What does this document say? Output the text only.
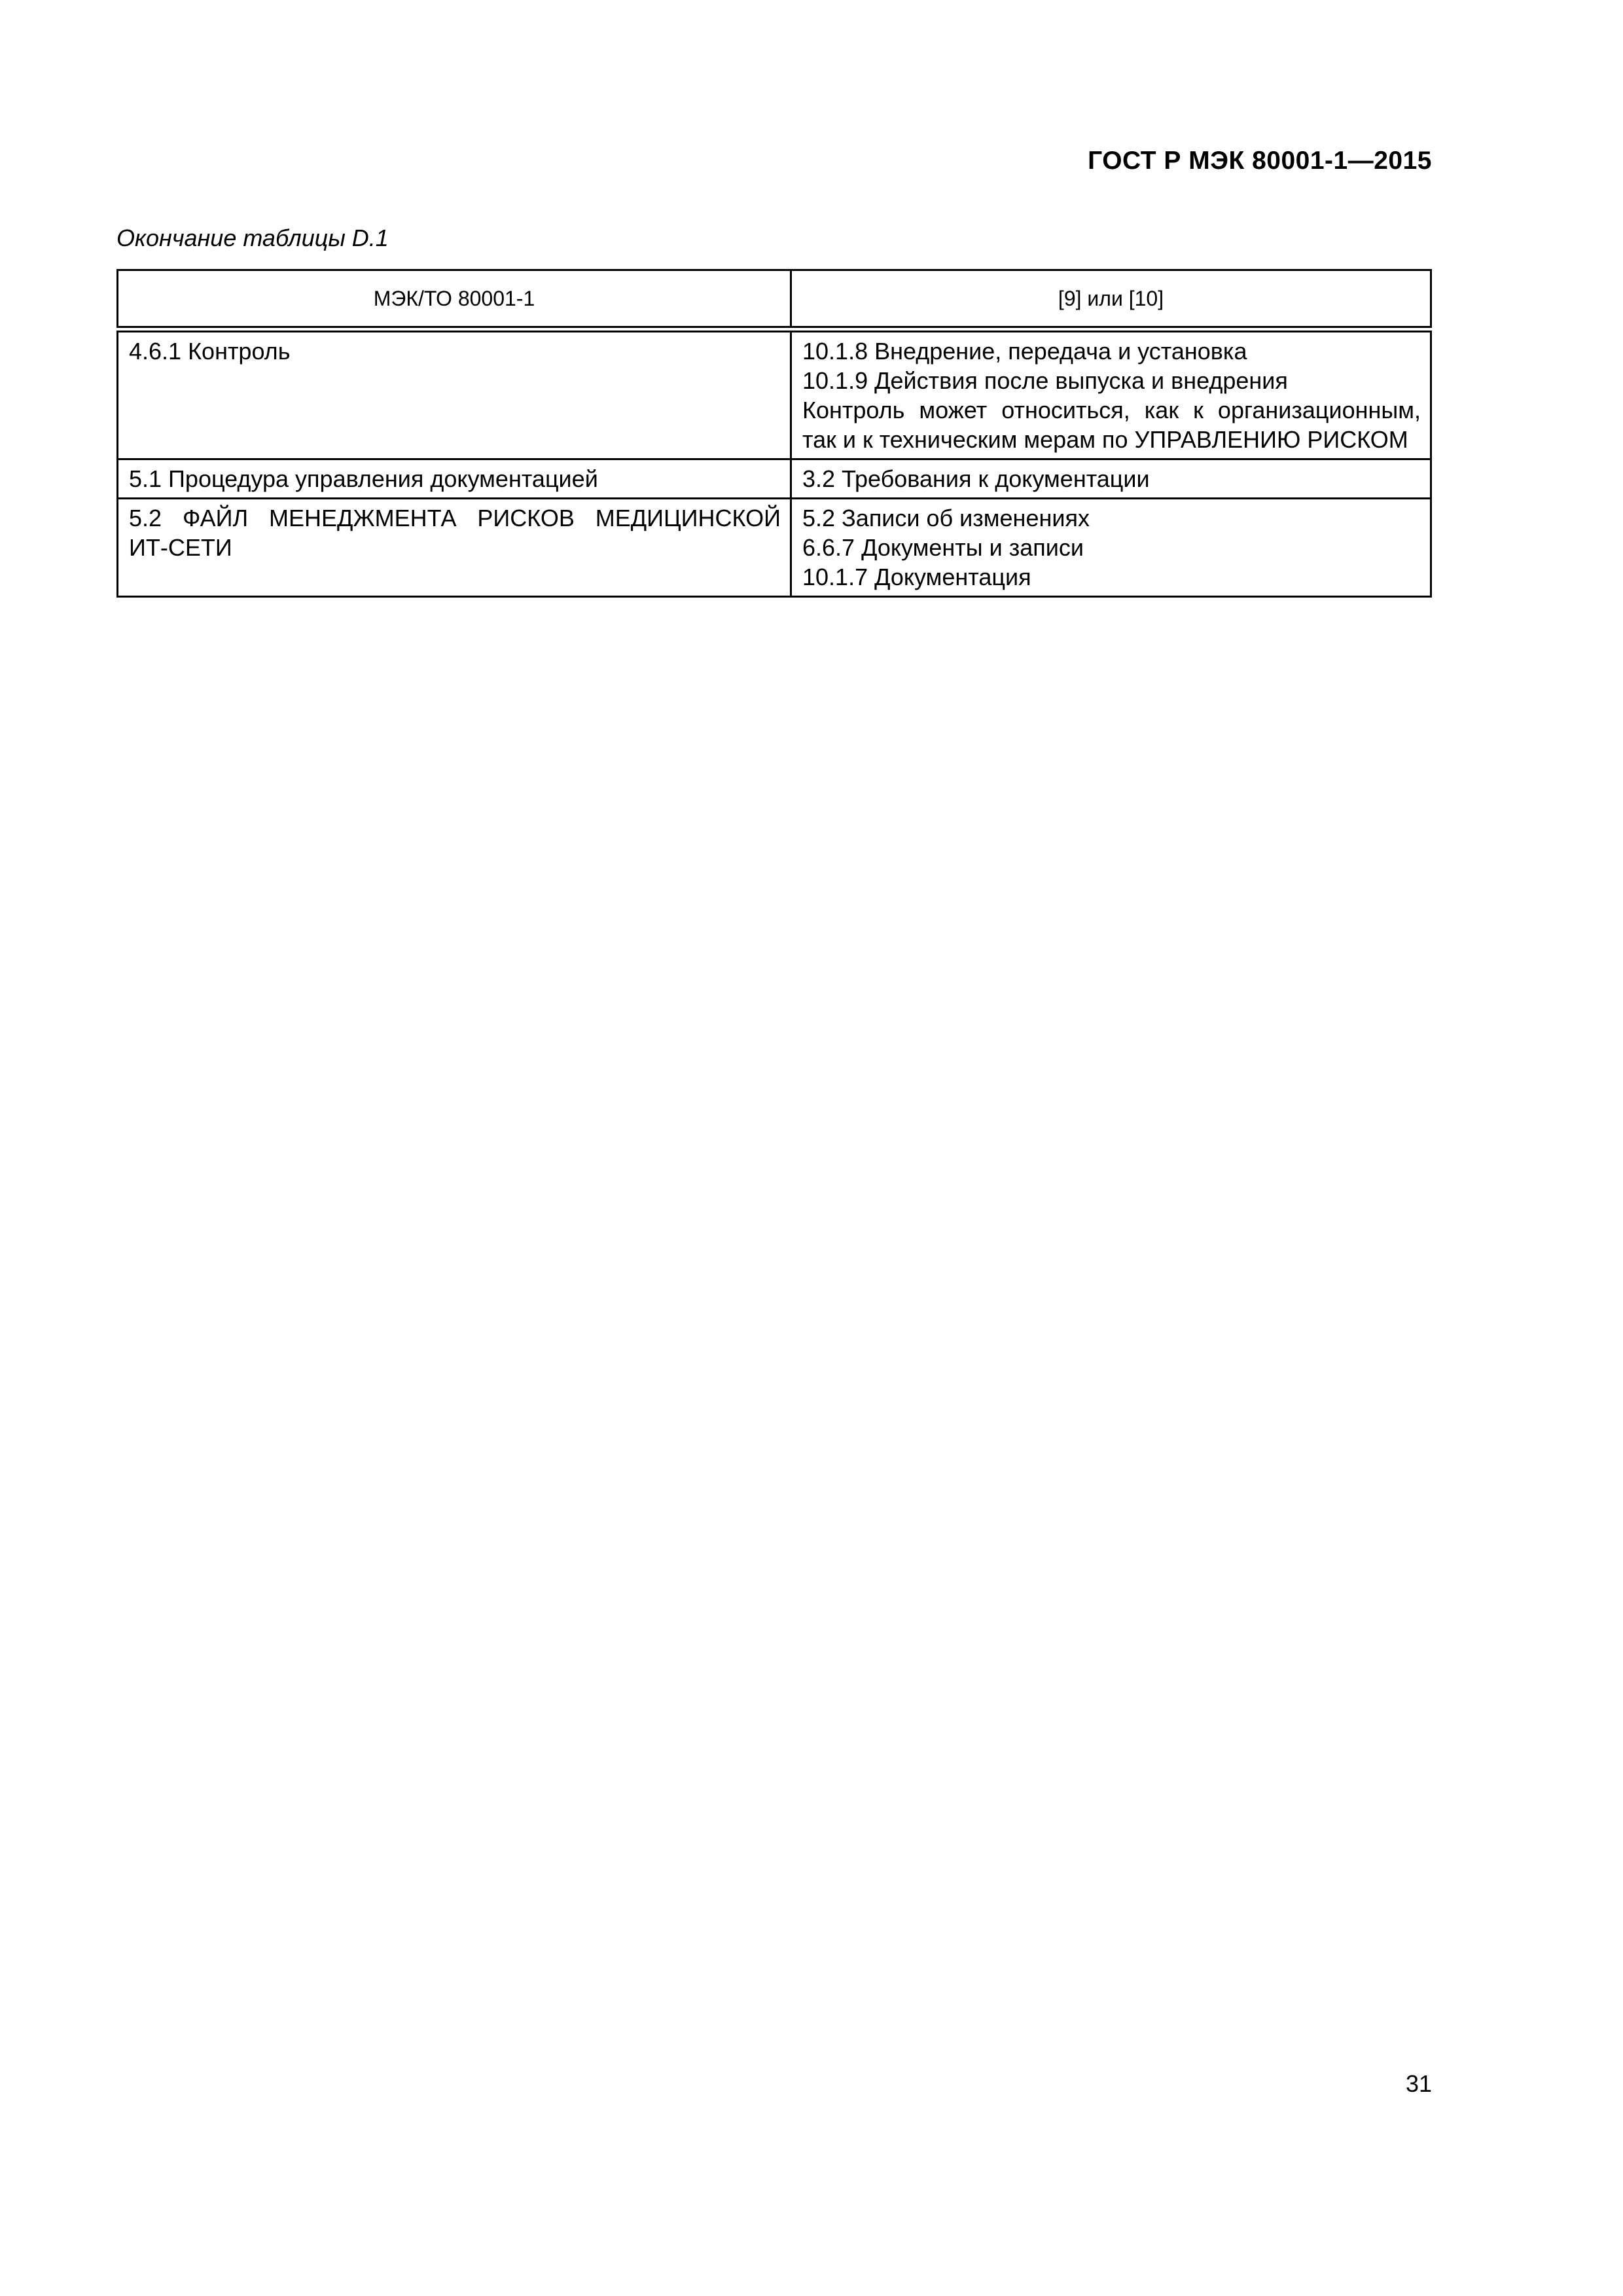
ГОСТ Р МЭК 80001-1—2015
Окончание таблицы D.1
МЭК/ТО 80001-1	[9] или [10]

4.6.1 Контроль	10.1.8 Внедрение, передача и установка
10.1.9 Действия после выпуска и внедрения
Контроль может относиться, как к организационным,
так и к техническим мерам по УПРАВЛЕНИЮ РИСКОМ

5.1 Процедура управления документацией	3.2 Требования к документации

5.2 ФАЙЛ МЕНЕДЖМЕНТА РИСКОВ МЕДИЦИНСКОЙ
ИТ-СЕТИ	5.2 Записи об изменениях
6.6.7 Документы и записи
10.1.7 Документация
31
